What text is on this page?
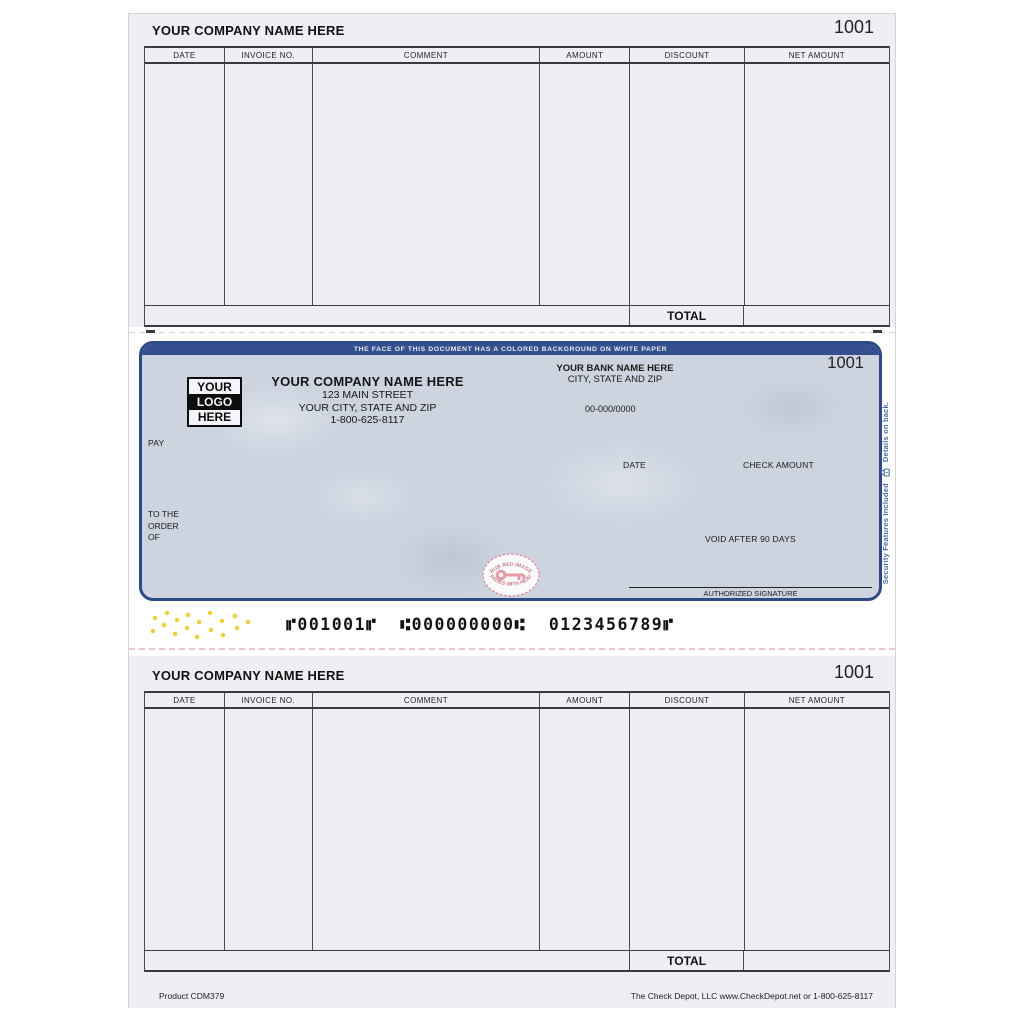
YOUR COMPANY NAME HERE	1001
DATE	INVOICE NO.	COMMENT	AMOUNT	DISCOUNT	NET AMOUNT
TOTAL
THE FACE OF THIS DOCUMENT HAS A COLORED BACKGROUND ON WHITE PAPER
YOUR
LOGO
HERE
YOUR COMPANY NAME HERE
123 MAIN STREET
YOUR CITY, STATE AND ZIP
1-800-625-8117
YOUR BANK NAME HERE
CITY, STATE AND ZIP
00-000/0000
1001
PAY
DATE	CHECK AMOUNT
TO THE
ORDER
OF	VOID AFTER 90 DAYS
RUB RED IMAGE
FADES WITH HEAT
AUTHORIZED SIGNATURE
Security Features Included
Details on back.
⑈001001⑈  ⑆000000000⑆  0123456789⑈
YOUR COMPANY NAME HERE	1001
DATE	INVOICE NO.	COMMENT	AMOUNT	DISCOUNT	NET AMOUNT
TOTAL
Product CDM379	The Check Depot, LLC www.CheckDepot.net or 1-800-625-8117
